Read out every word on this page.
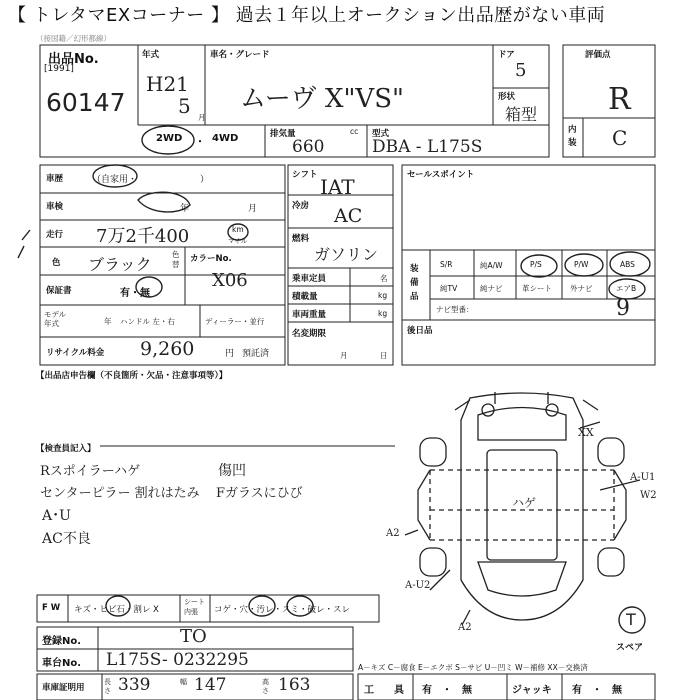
【 トレタマEXコーナー 】 過去１年以上オークション出品歴がない車両
（接国籍／幻形都線）
出品No.
[1991]
60147
年式
H21
5 月
車名・グレード
ムーヴ X"VS"
ドア
5
形状
箱型
評価点
R
内装 C
2WD ・ 4WD	排気量	cc
660
型式
DBA - L175S
車歴	（自家用・　　　　　　　）
車検	年	月
走行 7万2千400	km
マイル
色 ブラック
色替
カラーNo.
X06
保証書	有・無
モデル年式	年 ハンドル 左・右	ディーラー・並行
リサイクル料金 9,260	円 預託済
シフト IAT
冷房 AC
燃料
ガソリン
乗車定員	名
積載量	kg
車両重量	kg
名変期限
月	日
セールスポイント
装備品
S/R	純A/W	P/S	P/W	ABS
純TV	純ナビ	革シート 外ナビ	エアB
ナビ型番：	9
後日品
【出品店申告欄（不良箇所・欠品・注意事項等）】
【検査員記入】
Rスポイラーハゲ
センターピラー 割れはたみ
A･U
AC不良
傷凹
Fガラスにひび
XX
A-U1
W2
ハゲ
A2
A-U2
A2	T
スペア
F W キズ・ヒビ石・割レ X
シート内張	コゲ・穴・汚レ・スミ・破レ・スレ
登録No.	TO
車台No. L175S- 0232295	A－キズ C－腐食 E－エクボ S－サビ U－凹ミ W－補修 XX－交換済
車庫証明用
長さ 339	幅 147	高さ 163	工　　具 有　・　無	ジャッキ 有　・　無
